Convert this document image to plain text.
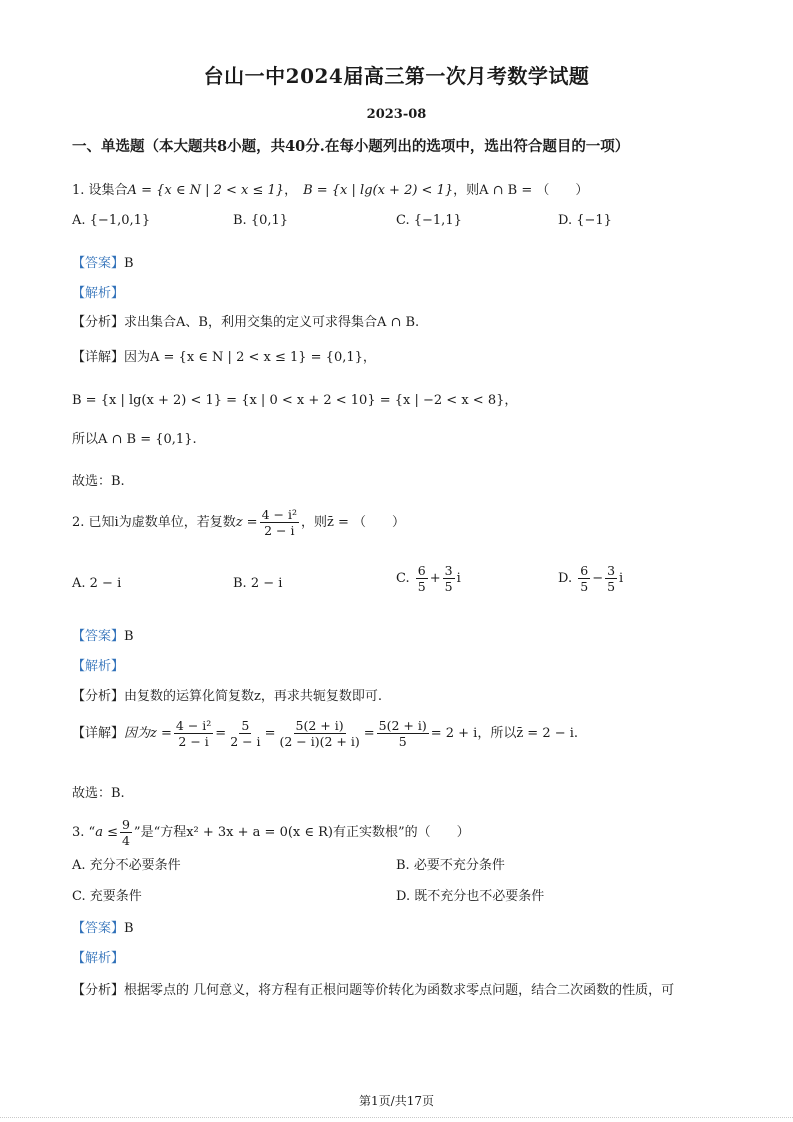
台山一中2024届高三第一次月考数学试题
2023-08
一、单选题（本大题共8小题，共40分.在每小题列出的选项中，选出符合题目的一项）
1. 设集合A = {x ∈ N | 2 < x ≤ 1}， B = {x | lg(x + 2) < 1}，则A ∩ B = （　　）
A. {−1,0,1}	B. {0,1}	C. {−1,1}	D. {−1}
【答案】B
【解析】
【分析】求出集合A、B，利用交集的定义可求得集合A ∩ B.
【详解】因为A = {x ∈ N | 2 < x ≤ 1} = {0,1}，
B = {x | lg(x + 2) < 1} = {x | 0 < x + 2 < 10} = {x | −2 < x < 8}，
所以A ∩ B = {0,1}.
故选：B.
2. 已知i为虚数单位，若复数$z = \frac{\text{4 − i²}}{2 - i}$ ，则z̄ = （　　）
A. 2 − i	B. 2 − i	C. $\frac{6}{5} + \frac{3}{5}$ i	D. $\frac{6}{5} - \frac{3}{5}$ i
【答案】B
【解析】
【分析】由复数的运算化简复数z，再求共轭复数即可.
【详解】因为$z = \frac{\text{4 − i²}}{2 - i} = \frac{5}{2 - i} = \frac{5(2 + i)}{(2 - i)(2 + i)} = \frac{5(2 + i)}{5} = 2 + i$，所以z̄ = 2 − i.
故选：B.
3. “$a \le \frac{9}{4}$ ”是“方程x² + 3x + a = 0(x ∈ R)有正实数根”的（　　）
A. 充分不必要条件	B. 必要不充分条件
C. 充要条件	D. 既不充分也不必要条件
【答案】B
【解析】
【分析】根据零点的 几何意义，将方程有正根问题等价转化为函数求零点问题，结合二次函数的性质，可
第1页/共17页
